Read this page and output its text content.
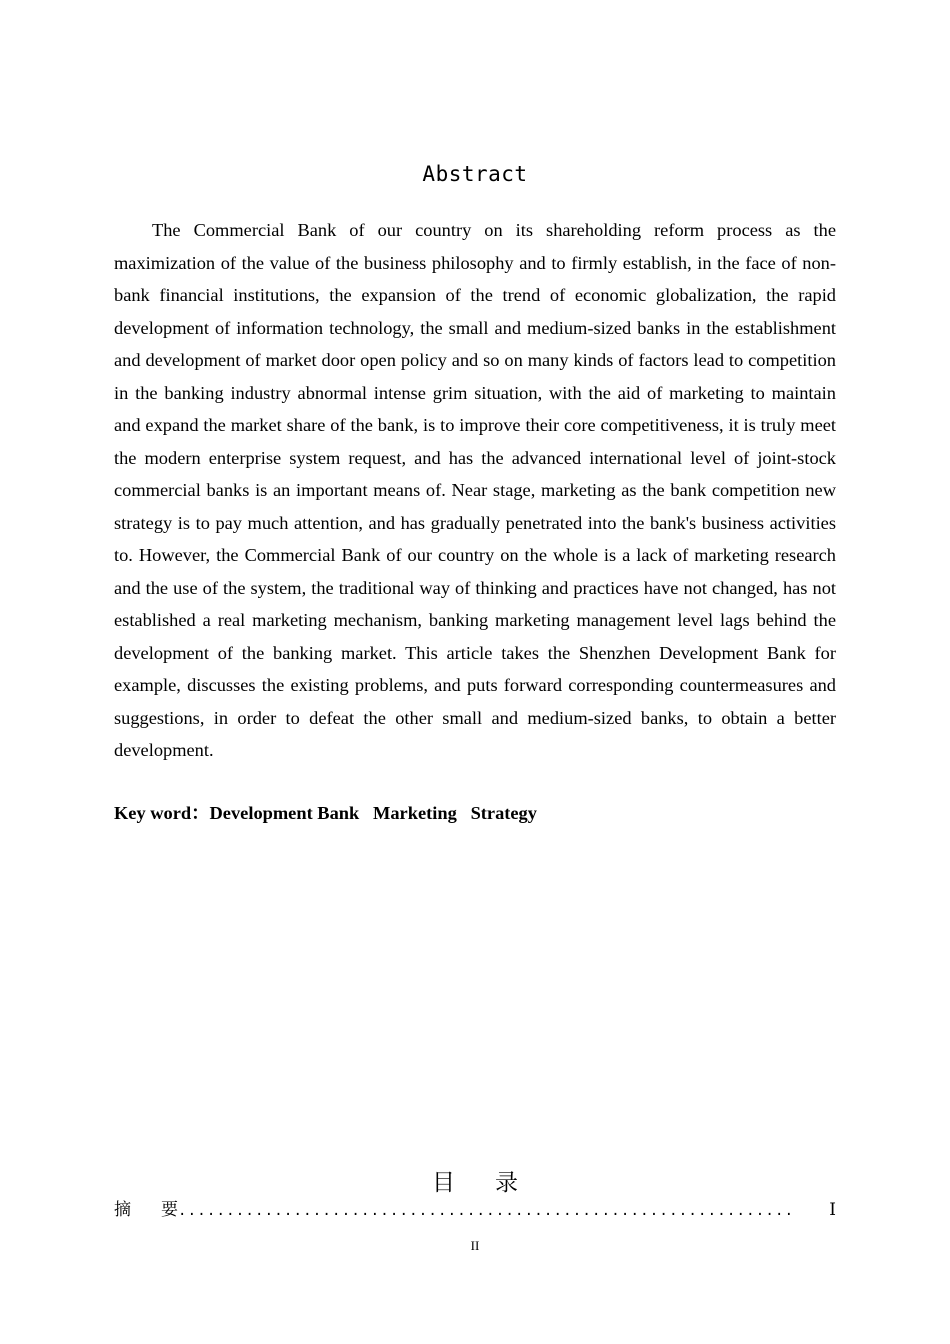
Abstract

The Commercial Bank of our country on its shareholding reform process as the maximization of the value of the business philosophy and to firmly establish, in the face of non-bank financial institutions, the expansion of the trend of economic globalization, the rapid development of information technology, the small and medium-sized banks in the establishment and development of market door open policy and so on many kinds of factors lead to competition in the banking industry abnormal intense grim situation, with the aid of marketing to maintain and expand the market share of the bank, is to improve their core competitiveness, it is truly meet the modern enterprise system request, and has the advanced international level of joint-stock commercial banks is an important means of. Near stage, marketing as the bank competition new strategy is to pay much attention, and has gradually penetrated into the bank's business activities to. However, the Commercial Bank of our country on the whole is a lack of marketing research and the use of the system, the traditional way of thinking and practices have not changed, has not established a real marketing mechanism, banking marketing management level lags behind the development of the banking market. This article takes the Shenzhen Development Bank for example, discusses the existing problems, and puts forward corresponding countermeasures and suggestions, in order to defeat the other small and medium-sized banks, to obtain a better development.

Key word：Development Bank   Marketing   Strategy
目录
摘要 ................................................................	I
II
